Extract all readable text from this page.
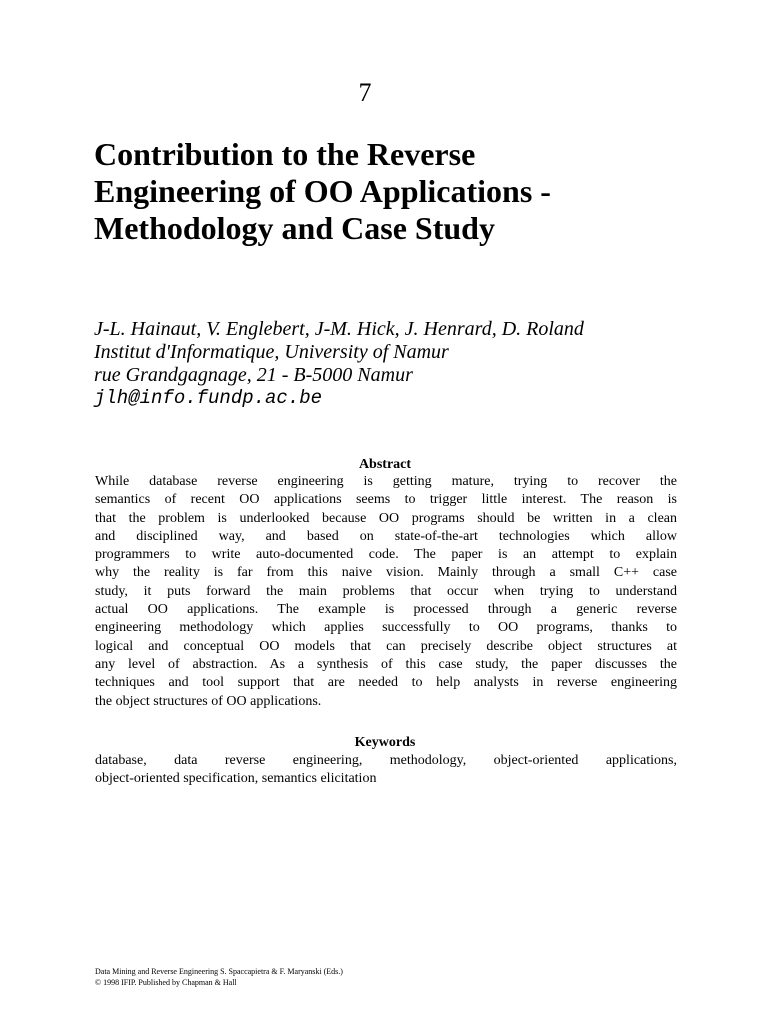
7
Contribution to the Reverse
Engineering of OO Applications -
Methodology and Case Study
J-L. Hainaut, V. Englebert, J-M. Hick, J. Henrard, D. Roland
Institut d'Informatique, University of Namur
rue Grandgagnage, 21 - B-5000 Namur
jlh@info.fundp.ac.be
Abstract
While database reverse engineering is getting mature, trying to recover the
semantics of recent OO applications seems to trigger little interest. The reason is
that the problem is underlooked because OO programs should be written in a clean
and disciplined way, and based on state-of-the-art technologies which allow
programmers to write auto-documented code. The paper is an attempt to explain
why the reality is far from this naive vision. Mainly through a small C++ case
study, it puts forward the main problems that occur when trying to understand
actual OO applications. The example is processed through a generic reverse
engineering methodology which applies successfully to OO programs, thanks to
logical and conceptual OO models that can precisely describe object structures at
any level of abstraction. As a synthesis of this case study, the paper discusses the
techniques and tool support that are needed to help analysts in reverse engineering
the object structures of OO applications.
Keywords
database, data reverse engineering, methodology, object-oriented applications,
object-oriented specification, semantics elicitation
Data Mining and Reverse Engineering S. Spaccapietra & F. Maryanski (Eds.)
© 1998 IFIP. Published by Chapman & Hall
